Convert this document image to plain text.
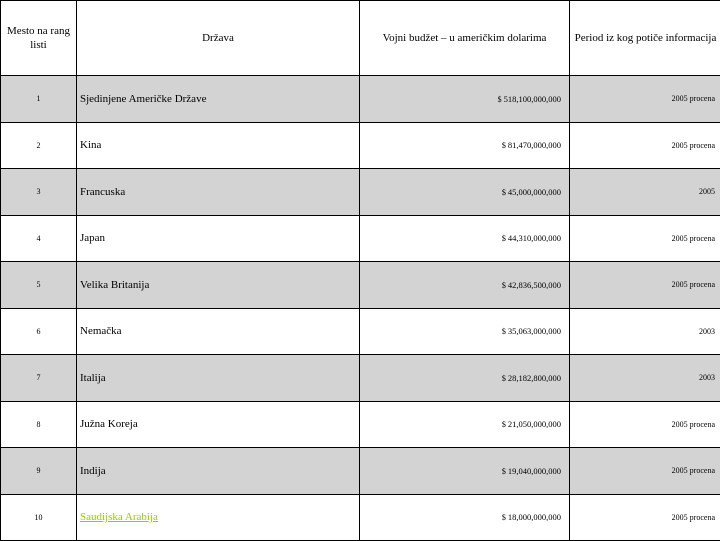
Mesto na rang listi	Država	Vojni budžet – u američkim dolarima	Period iz kog potiče informacija
1	Sjedinjene Američke Države	$ 518,100,000,000	2005 procena
2	Kina	$ 81,470,000,000	2005 procena
3	Francuska	$ 45,000,000,000	2005
4	Japan	$ 44,310,000,000	2005 procena
5	Velika Britanija	$ 42,836,500,000	2005 procena
6	Nemačka	$ 35,063,000,000	2003
7	Italija	$ 28,182,800,000	2003
8	Južna Koreja	$ 21,050,000,000	2005 procena
9	Indija	$ 19,040,000,000	2005 procena
10	Saudijska Arabija	$ 18,000,000,000	2005 procena
